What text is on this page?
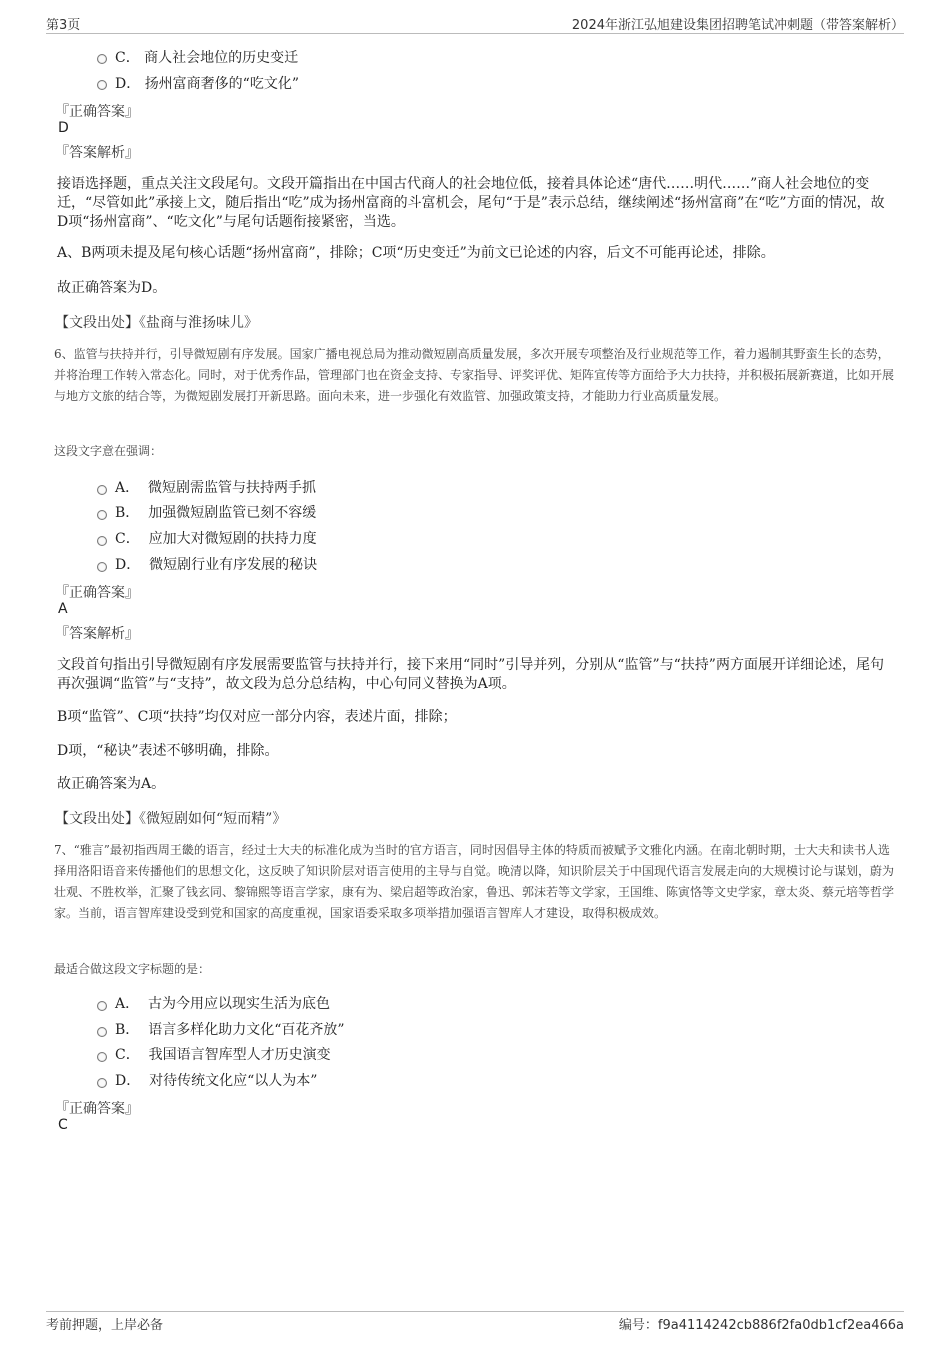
第3页	2024年浙江弘旭建设集团招聘笔试冲刺题（带答案解析）
C． 商人社会地位的历史变迁
D． 扬州富商奢侈的“吃文化”
『正确答案』
D
『答案解析』
接语选择题，重点关注文段尾句。文段开篇指出在中国古代商人的社会地位低，接着具体论述“唐代……明代……”商人社会地位的变迁，“尽管如此”承接上文，随后指出“吃”成为扬州富商的斗富机会，尾句“于是”表示总结，继续阐述“扬州富商”在“吃”方面的情况，故D项“扬州富商”、“吃文化”与尾句话题衔接紧密，当选。
A、B两项未提及尾句核心话题“扬州富商”，排除；C项“历史变迁”为前文已论述的内容，后文不可能再论述，排除。
故正确答案为D。
【文段出处】《盐商与淮扬味儿》
6、监管与扶持并行，引导微短剧有序发展。国家广播电视总局为推动微短剧高质量发展，多次开展专项整治及行业规范等工作，着力遏制其野蛮生长的态势，并将治理工作转入常态化。同时，对于优秀作品，管理部门也在资金支持、专家指导、评奖评优、矩阵宣传等方面给予大力扶持，并积极拓展新赛道，比如开展与地方文旅的结合等，为微短剧发展打开新思路。面向未来，进一步强化有效监管、加强政策支持，才能助力行业高质量发展。
这段文字意在强调：
A． 微短剧需监管与扶持两手抓
B． 加强微短剧监管已刻不容缓
C． 应加大对微短剧的扶持力度
D． 微短剧行业有序发展的秘诀
『正确答案』
A
『答案解析』
文段首句指出引导微短剧有序发展需要监管与扶持并行，接下来用“同时”引导并列，分别从“监管”与“扶持”两方面展开详细论述，尾句再次强调“监管”与“支持”，故文段为总分总结构，中心句同义替换为A项。
B项“监管”、C项“扶持”均仅对应一部分内容，表述片面，排除；
D项，“秘诀”表述不够明确，排除。
故正确答案为A。
【文段出处】《微短剧如何“短而精”》
7、“雅言”最初指西周王畿的语言，经过士大夫的标准化成为当时的官方语言，同时因倡导主体的特质而被赋予文雅化内涵。在南北朝时期，士大夫和读书人选择用洛阳语音来传播他们的思想文化，这反映了知识阶层对语言使用的主导与自觉。晚清以降，知识阶层关于中国现代语言发展走向的大规模讨论与谋划，蔚为壮观、不胜枚举，汇聚了钱玄同、黎锦熙等语言学家，康有为、梁启超等政治家，鲁迅、郭沫若等文学家，王国维、陈寅恪等文史学家，章太炎、蔡元培等哲学家。当前，语言智库建设受到党和国家的高度重视，国家语委采取多项举措加强语言智库人才建设，取得积极成效。
最适合做这段文字标题的是：
A． 古为今用应以现实生活为底色
B． 语言多样化助力文化“百花齐放”
C． 我国语言智库型人才历史演变
D． 对待传统文化应“以人为本”
『正确答案』
C
考前押题，上岸必备	编号：f9a4114242cb886f2fa0db1cf2ea466a
